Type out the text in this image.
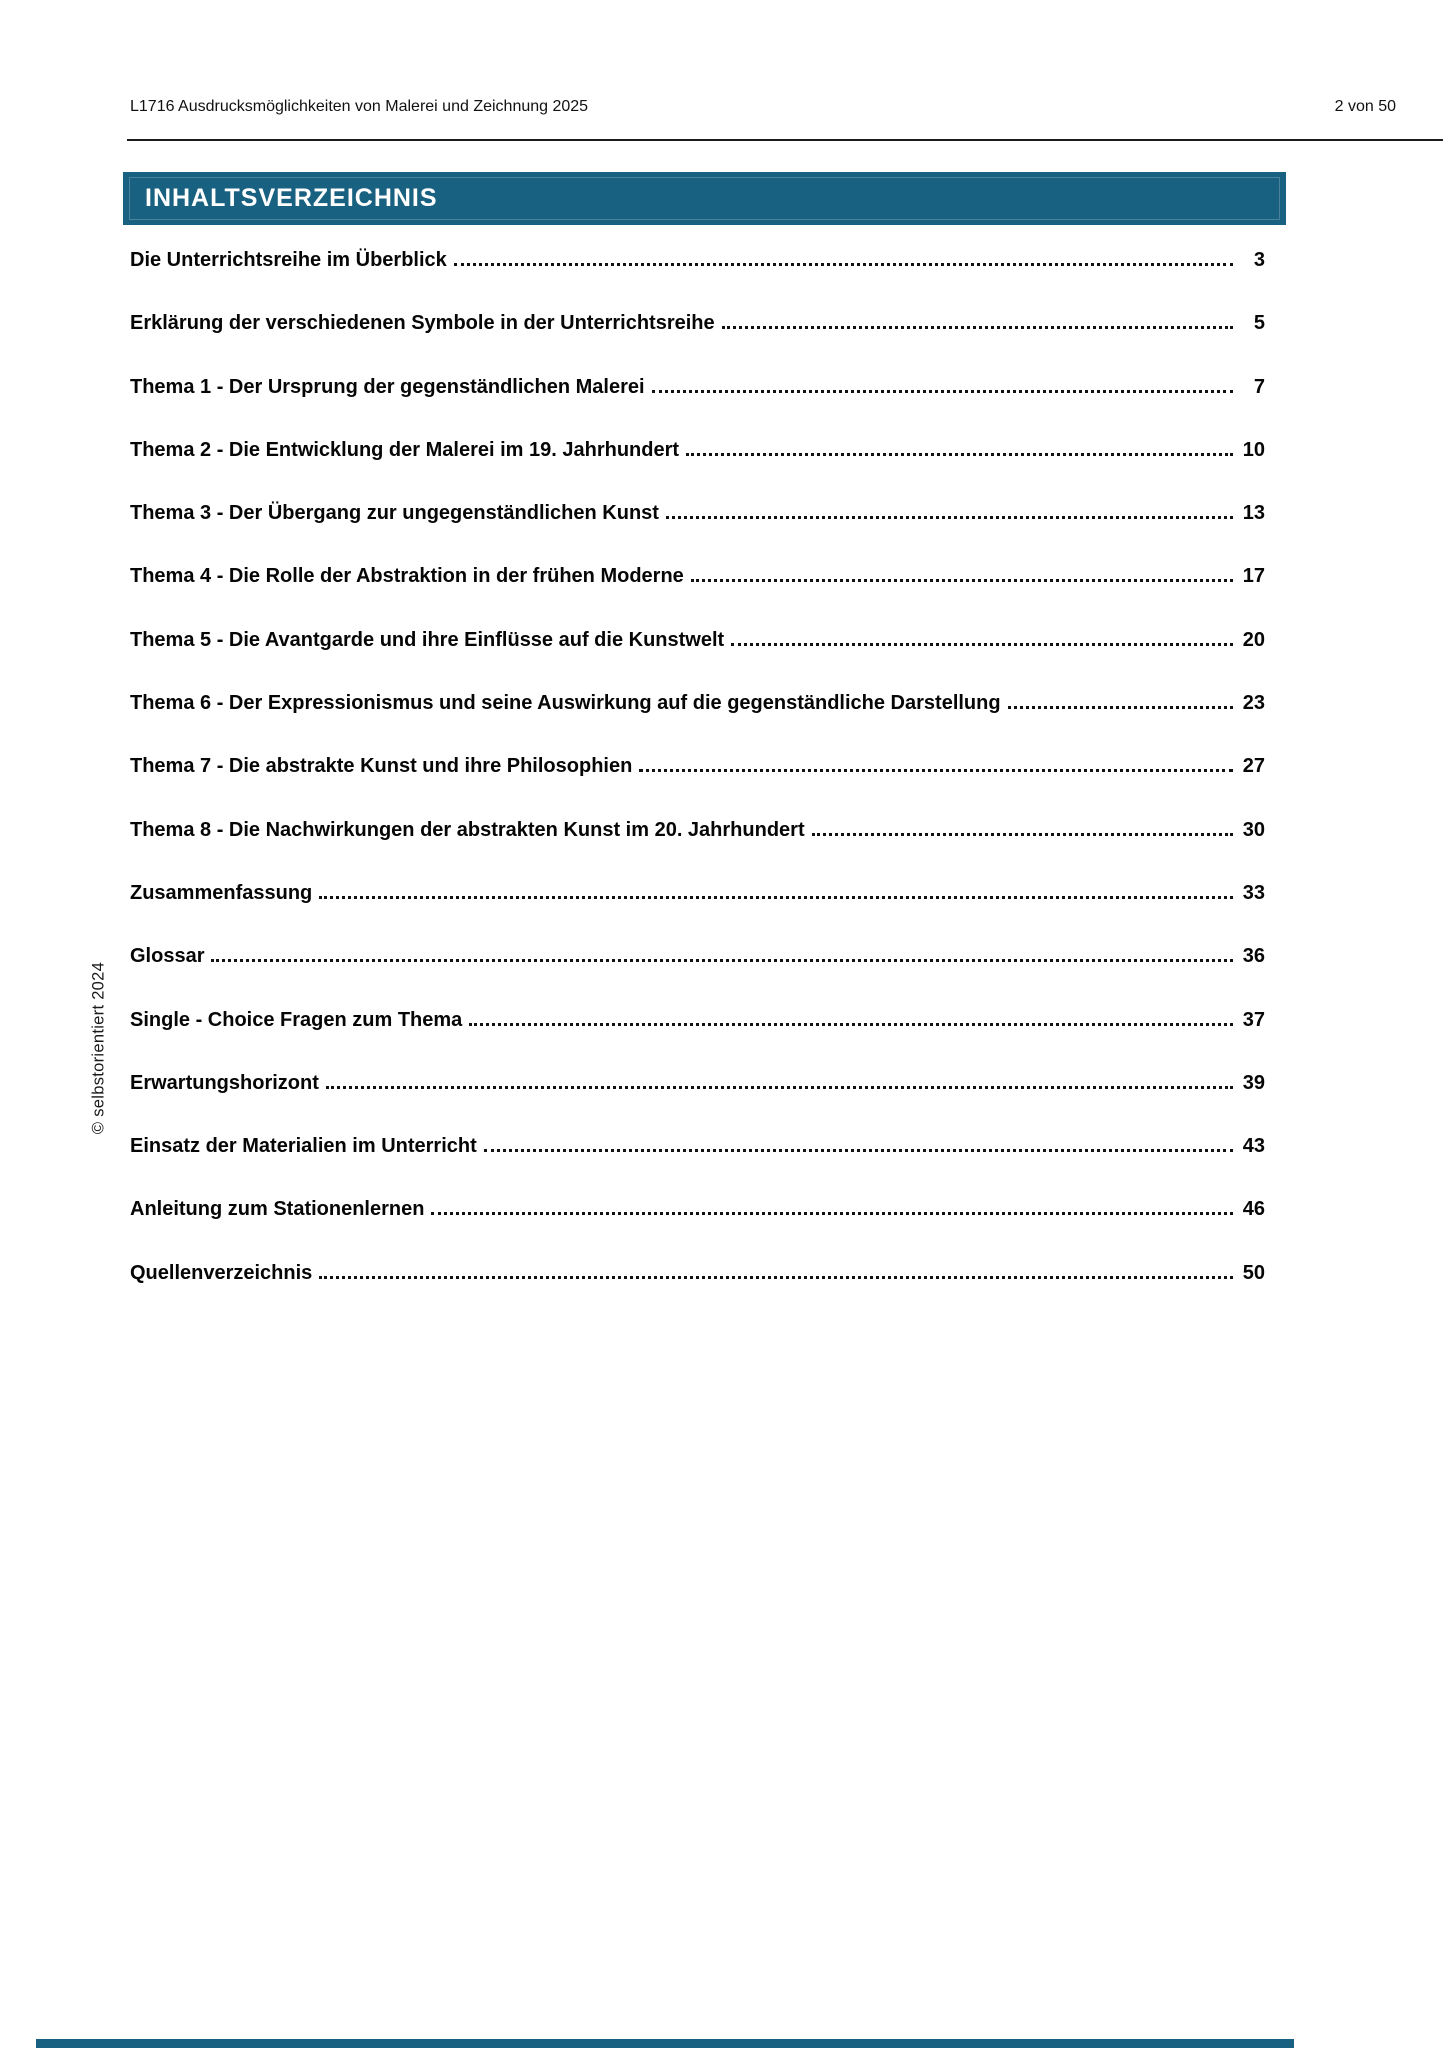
L1716 Ausdrucksmöglichkeiten von Malerei und Zeichnung 2025	2 von 50
INHALTSVERZEICHNIS
Die Unterrichtsreihe im Überblick	3
Erklärung der verschiedenen Symbole in der Unterrichtsreihe	5
Thema 1 - Der Ursprung der gegenständlichen Malerei	7
Thema 2 - Die Entwicklung der Malerei im 19. Jahrhundert	10
Thema 3 - Der Übergang zur ungegenständlichen Kunst	13
Thema 4 - Die Rolle der Abstraktion in der frühen Moderne	17
Thema 5 - Die Avantgarde und ihre Einflüsse auf die Kunstwelt	20
Thema 6 - Der Expressionismus und seine Auswirkung auf die gegenständliche Darstellung	23
Thema 7 - Die abstrakte Kunst und ihre Philosophien	27
Thema 8 - Die Nachwirkungen der abstrakten Kunst im 20. Jahrhundert	30
Zusammenfassung	33
Glossar	36
Single - Choice Fragen zum Thema	37
Erwartungshorizont	39
Einsatz der Materialien im Unterricht	43
Anleitung zum Stationenlernen	46
Quellenverzeichnis	50
© selbstorientiert 2024
